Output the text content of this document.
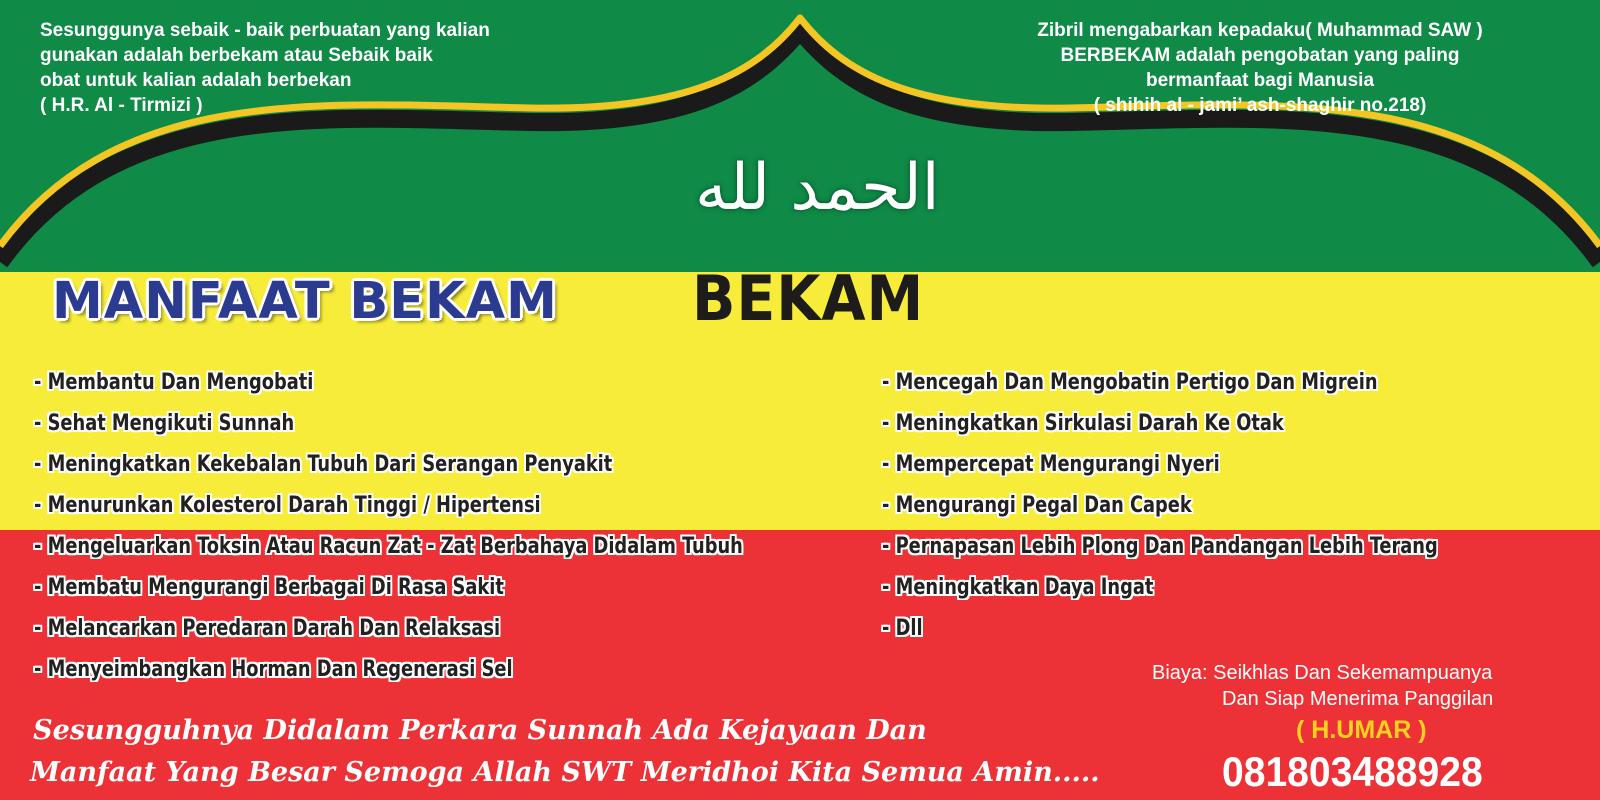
Sesunggunya sebaik - baik perbuatan yang kalian
gunakan adalah berbekam atau Sebaik baik
obat untuk kalian adalah berbekan
( H.R. Al - Tirmizi )
Zibril mengabarkan kepadaku( Muhammad SAW )
BERBEKAM adalah pengobatan yang paling
bermanfaat bagi Manusia
( shihih al - jami’ ash-shaghir no.218)
الحمد لله
MANFAAT BEKAM BEKAM
- Membantu Dan Mengobati
- Sehat Mengikuti Sunnah
- Meningkatkan Kekebalan Tubuh Dari Serangan Penyakit
- Menurunkan Kolesterol Darah Tinggi / Hipertensi
- Mengeluarkan Toksin Atau Racun Zat - Zat Berbahaya Didalam Tubuh
- Membatu Mengurangi Berbagai Di Rasa Sakit
- Melancarkan Peredaran Darah Dan Relaksasi
- Menyeimbangkan Horman Dan Regenerasi Sel
- Mencegah Dan Mengobatin Pertigo Dan Migrein
- Meningkatkan Sirkulasi Darah Ke Otak
- Mempercepat Mengurangi Nyeri
- Mengurangi Pegal Dan Capek
- Pernapasan Lebih Plong Dan Pandangan Lebih Terang
- Meningkatkan Daya Ingat
- Dll
Biaya: Seikhlas Dan Sekemampuanya
Dan Siap Menerima Panggilan
( H.UMAR )
081803488928
Sesungguhnya Didalam Perkara Sunnah Ada Kejayaan Dan
Manfaat Yang Besar Semoga Allah SWT Meridhoi Kita Semua Amin.....
